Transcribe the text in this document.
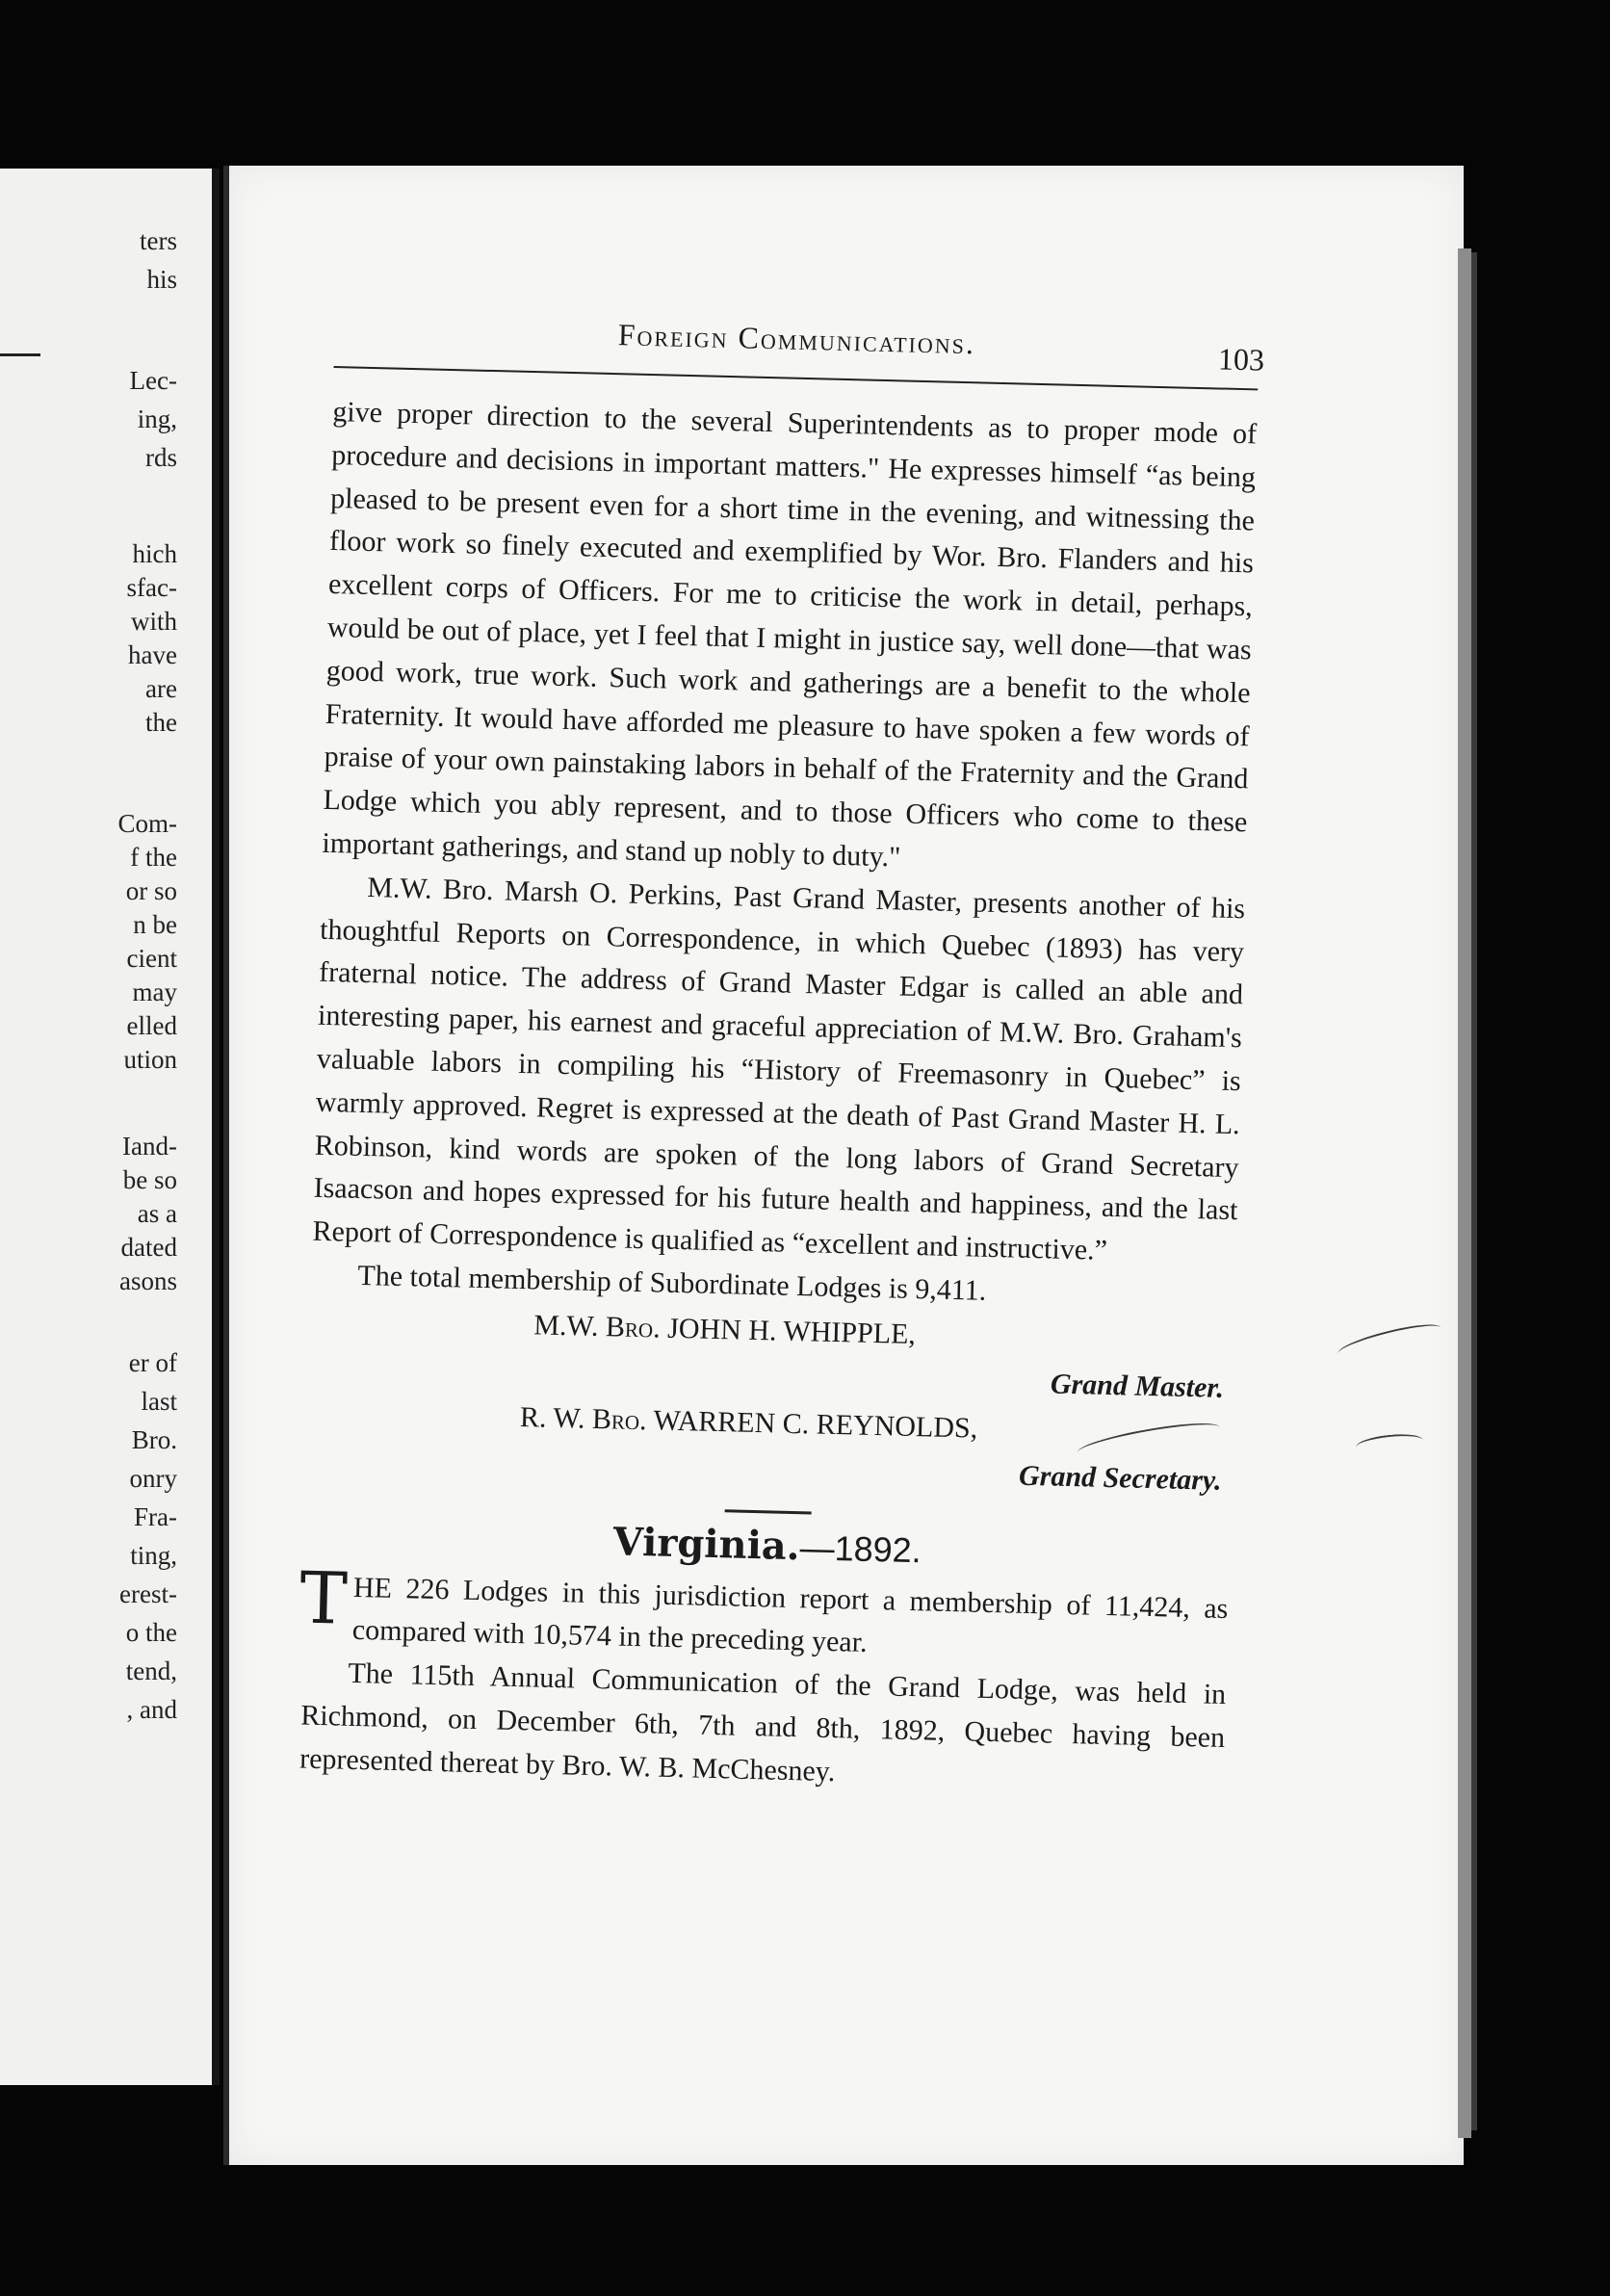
ters
his
Lec-
ing,
rds
hich
sfac-
with
have
are
the
Com-
f the
or so
n be
cient
may
elled
ution
Iand-
be so
as a
dated
asons
er of
last
Bro.
onry
Fra-
ting,
erest-
o the
tend,
, and
Foreign Communications.	103

give proper direction to the several Superintendents as to proper mode of procedure and decisions in important matters." He expresses himself “as being pleased to be present even for a short time in the evening, and witnessing the floor work so finely executed and exemplified by Wor. Bro. Flanders and his excellent corps of Officers. For me to criticise the work in detail, perhaps, would be out of place, yet I feel that I might in justice say, well done—that was good work, true work. Such work and gatherings are a benefit to the whole Fraternity. It would have afforded me pleasure to have spoken a few words of praise of your own painstaking labors in behalf of the Fraternity and the Grand Lodge which you ably represent, and to those Officers who come to these important gatherings, and stand up nobly to duty."

M.W. Bro. Marsh O. Perkins, Past Grand Master, presents another of his thoughtful Reports on Correspondence, in which Quebec (1893) has very fraternal notice. The address of Grand Master Edgar is called an able and interesting paper, his earnest and graceful appreciation of M.W. Bro. Graham's valuable labors in compiling his “History of Freemasonry in Quebec” is warmly approved. Regret is expressed at the death of Past Grand Master H. L. Robinson, kind words are spoken of the long labors of Grand Secretary Isaacson and hopes expressed for his future health and happiness, and the last Report of Correspondence is qualified as “excellent and instructive.”

The total membership of Subordinate Lodges is 9,411.

M.W. Bro. JOHN H. WHIPPLE,
Grand Master.
R. W. Bro. WARREN C. REYNOLDS,
Grand Secretary.
Virginia.—1892.

THE 226 Lodges in this jurisdiction report a membership of 11,424, as compared with 10,574 in the preceding year.

The 115th Annual Communication of the Grand Lodge, was held in Richmond, on December 6th, 7th and 8th, 1892, Quebec having been represented thereat by Bro. W. B. McChesney.
